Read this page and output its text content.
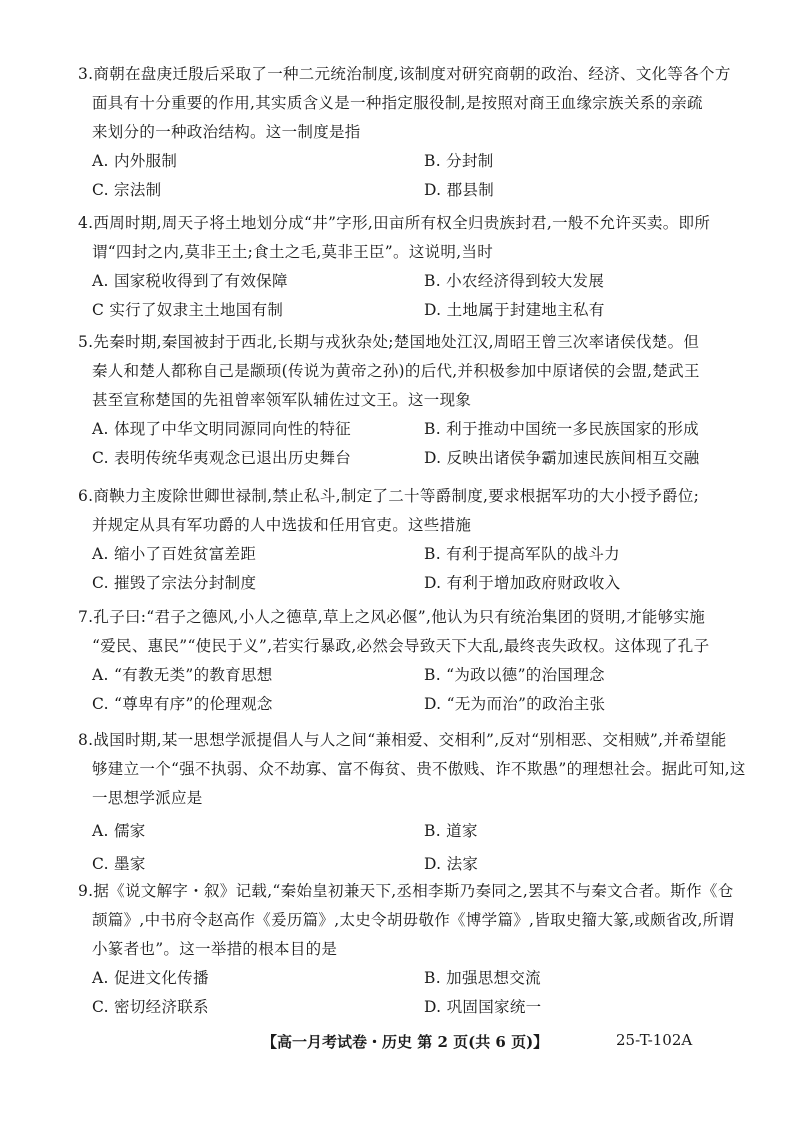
3.商朝在盘庚迁殷后采取了一种二元统治制度,该制度对研究商朝的政治、经济、文化等各个方
面具有十分重要的作用,其实质含义是一种指定服役制,是按照对商王血缘宗族关系的亲疏
来划分的一种政治结构。这一制度是指
A. 内外服制	B. 分封制
C. 宗法制	D. 郡县制
4.西周时期,周天子将土地划分成“井”字形,田亩所有权全归贵族封君,一般不允许买卖。即所
谓“四封之内,莫非王土;食土之毛,莫非王臣”。这说明,当时
A. 国家税收得到了有效保障	B. 小农经济得到较大发展
C 实行了奴隶主土地国有制	D. 土地属于封建地主私有
5.先秦时期,秦国被封于西北,长期与戎狄杂处;楚国地处江汉,周昭王曾三次率诸侯伐楚。但
秦人和楚人都称自己是颛顼(传说为黄帝之孙)的后代,并积极参加中原诸侯的会盟,楚武王
甚至宣称楚国的先祖曾率领军队辅佐过文王。这一现象
A. 体现了中华文明同源同向性的特征	B. 利于推动中国统一多民族国家的形成
C. 表明传统华夷观念已退出历史舞台	D. 反映出诸侯争霸加速民族间相互交融
6.商鞅力主废除世卿世禄制,禁止私斗,制定了二十等爵制度,要求根据军功的大小授予爵位;
并规定从具有军功爵的人中选拔和任用官吏。这些措施
A. 缩小了百姓贫富差距	B. 有利于提高军队的战斗力
C. 摧毁了宗法分封制度	D. 有利于增加政府财政收入
7.孔子曰:“君子之德风,小人之德草,草上之风必偃”,他认为只有统治集团的贤明,才能够实施
“爱民、惠民”“使民于义”,若实行暴政,必然会导致天下大乱,最终丧失政权。这体现了孔子
A. “有教无类”的教育思想	B. “为政以德”的治国理念
C. “尊卑有序”的伦理观念	D. “无为而治”的政治主张
8.战国时期,某一思想学派提倡人与人之间“兼相爱、交相利”,反对“别相恶、交相贼”,并希望能
够建立一个“强不执弱、众不劫寡、富不侮贫、贵不傲贱、诈不欺愚”的理想社会。据此可知,这
一思想学派应是
A. 儒家	B. 道家
C. 墨家	D. 法家
9.据《说文解字・叙》记载,“秦始皇初兼天下,丞相李斯乃奏同之,罢其不与秦文合者。斯作《仓
颉篇》,中书府令赵高作《爰历篇》,太史令胡毋敬作《博学篇》,皆取史籀大篆,或颇省改,所谓
小篆者也”。这一举措的根本目的是
A. 促进文化传播	B. 加强思想交流
C. 密切经济联系	D. 巩固国家统一
【高一月考试卷・历史 第 2 页(共 6 页)】	25-T-102A
